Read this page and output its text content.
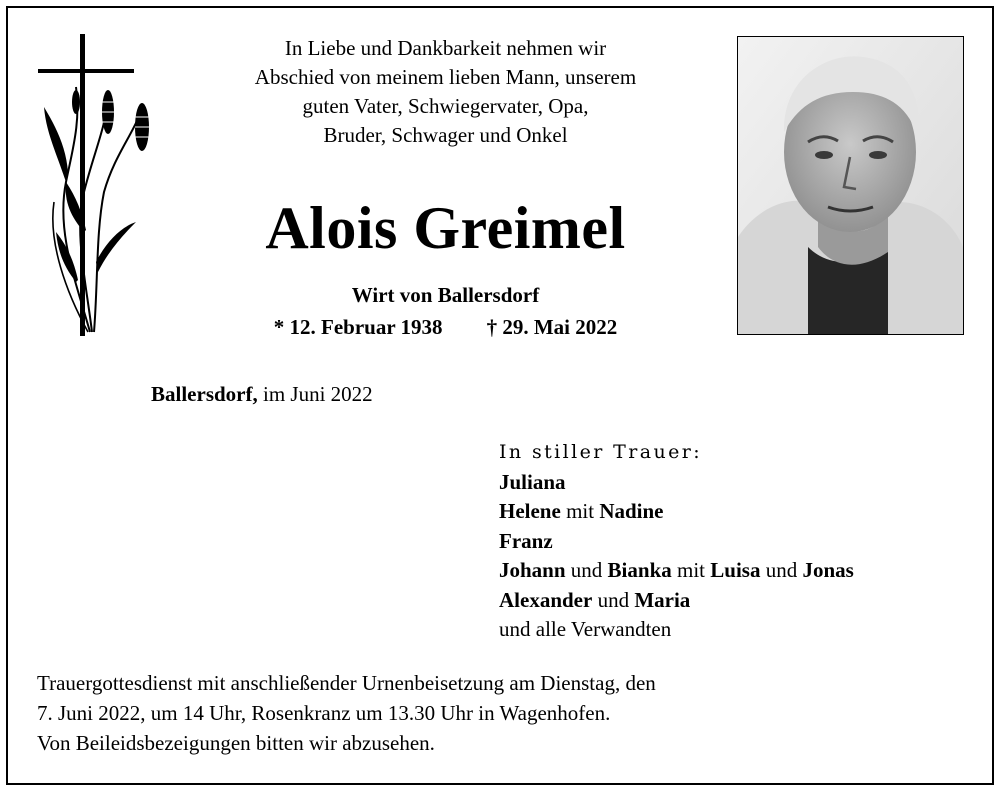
In Liebe und Dankbarkeit nehmen wir
Abschied von meinem lieben Mann, unserem
guten Vater, Schwiegervater, Opa,
Bruder, Schwager und Onkel
Alois Greimel
Wirt von Ballersdorf
* 12. Februar 1938 † 29. Mai 2022
Ballersdorf, im Juni 2022
In stiller Trauer:
Juliana
Helene mit Nadine
Franz
Johann und Bianka mit Luisa und Jonas
Alexander und Maria
und alle Verwandten
Trauergottesdienst mit anschließender Urnenbeisetzung am Dienstag, den
7. Juni 2022, um 14 Uhr, Rosenkranz um 13.30 Uhr in Wagenhofen.
Von Beileidsbezeigungen bitten wir abzusehen.
